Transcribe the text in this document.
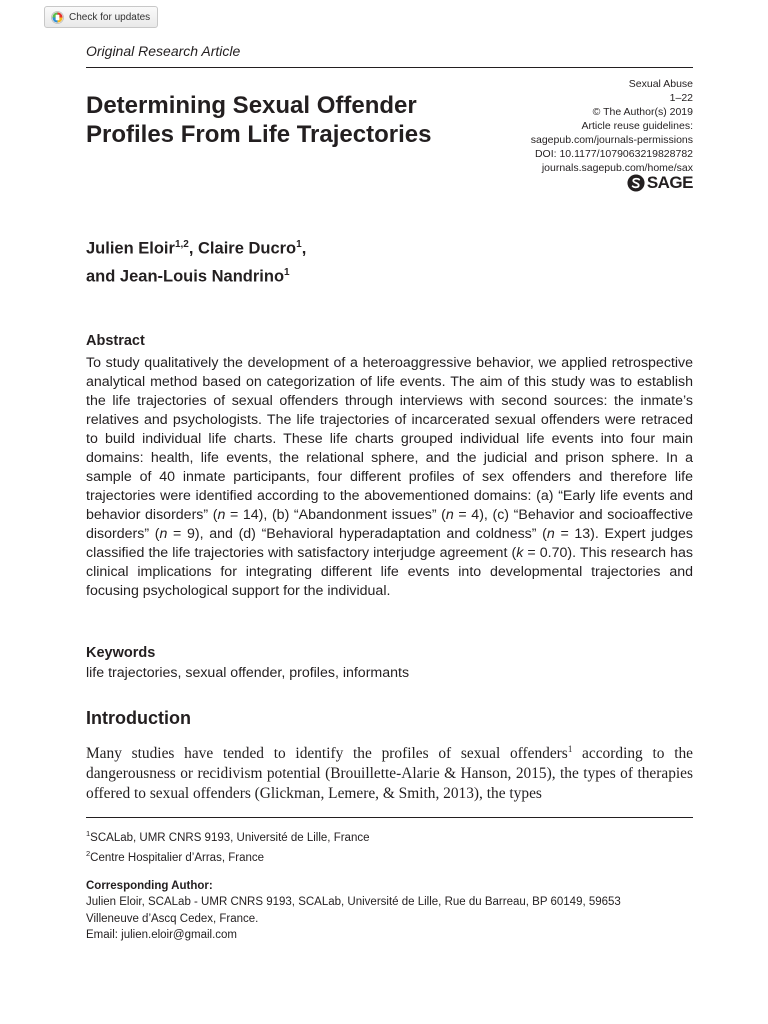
Check for updates
Original Research Article
Determining Sexual Offender Profiles From Life Trajectories
Sexual Abuse
1–22
© The Author(s) 2019
Article reuse guidelines:
sagepub.com/journals-permissions
DOI: 10.1177/1079063219828782
journals.sagepub.com/home/sax
SAGE
Julien Eloir$^{1,2}$, Claire Ducro$^1$,
and Jean-Louis Nandrino$^1$
Abstract

To study qualitatively the development of a heteroaggressive behavior, we applied retrospective analytical method based on categorization of life events. The aim of this study was to establish the life trajectories of sexual offenders through interviews with second sources: the inmate’s relatives and psychologists. The life trajectories of incarcerated sexual offenders were retraced to build individual life charts. These life charts grouped individual life events into four main domains: health, life events, the relational sphere, and the judicial and prison sphere. In a sample of 40 inmate participants, four different profiles of sex offenders and therefore life trajectories were identified according to the abovementioned domains: (a) “Early life events and behavior disorders” (n = 14), (b) “Abandonment issues” (n = 4), (c) “Behavior and socioaffective disorders” (n = 9), and (d) “Behavioral hyperadaptation and coldness” (n = 13). Expert judges classified the life trajectories with satisfactory interjudge agreement (k = 0.70). This research has clinical implications for integrating different life events into developmental trajectories and focusing psychological support for the individual.

Keywords
life trajectories, sexual offender, profiles, informants
Introduction

Many studies have tended to identify the profiles of sexual offenders$^1$ according to the dangerousness or recidivism potential (Brouillette-Alarie & Hanson, 2015), the types of therapies offered to sexual offenders (Glickman, Lemere, & Smith, 2013), the types

$^1$SCALab, UMR CNRS 9193, Université de Lille, France

$^2$Centre Hospitalier d’Arras, France

Corresponding Author:

Julien Eloir, SCALab - UMR CNRS 9193, SCALab, Université de Lille, Rue du Barreau, BP 60149, 59653

Villeneuve d’Ascq Cedex, France.

Email: julien.eloir@gmail.com
